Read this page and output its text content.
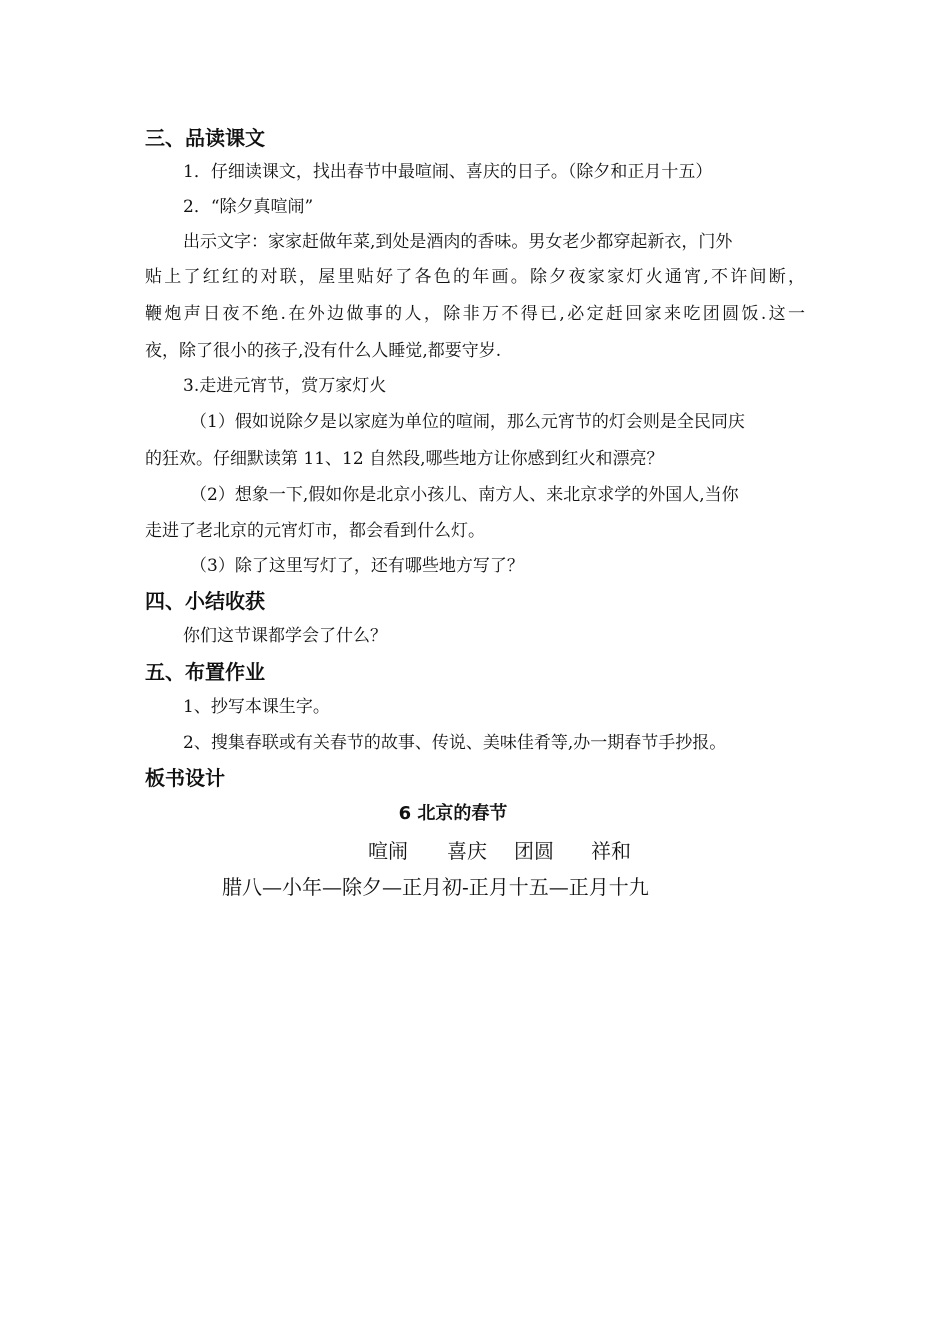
三、品读课文
1．仔细读课文，找出春节中最喧闹、喜庆的日子。（除夕和正月十五）
2．“除夕真喧闹”
出示文字：家家赶做年菜,到处是酒肉的香味。男女老少都穿起新衣，门外
贴上了红红的对联，屋里贴好了各色的年画。除夕夜家家灯火通宵,不许间断，
鞭炮声日夜不绝.在外边做事的人，除非万不得已,必定赶回家来吃团圆饭.这一
夜，除了很小的孩子,没有什么人睡觉,都要守岁.
3.走进元宵节，赏万家灯火
（1）假如说除夕是以家庭为单位的喧闹，那么元宵节的灯会则是全民同庆
的狂欢。仔细默读第 11、12 自然段,哪些地方让你感到红火和漂亮？
（2）想象一下,假如你是北京小孩儿、南方人、来北京求学的外国人,当你
走进了老北京的元宵灯市，都会看到什么灯。
（3）除了这里写灯了，还有哪些地方写了？
四、小结收获
你们这节课都学会了什么？
五、布置作业
1、抄写本课生字。
2、搜集春联或有关春节的故事、传说、美味佳肴等,办一期春节手抄报。
板书设计
6 北京的春节
喧闹 喜庆 团圆 祥和
腊八—小年—除夕—正月初-正月十五—正月十九
